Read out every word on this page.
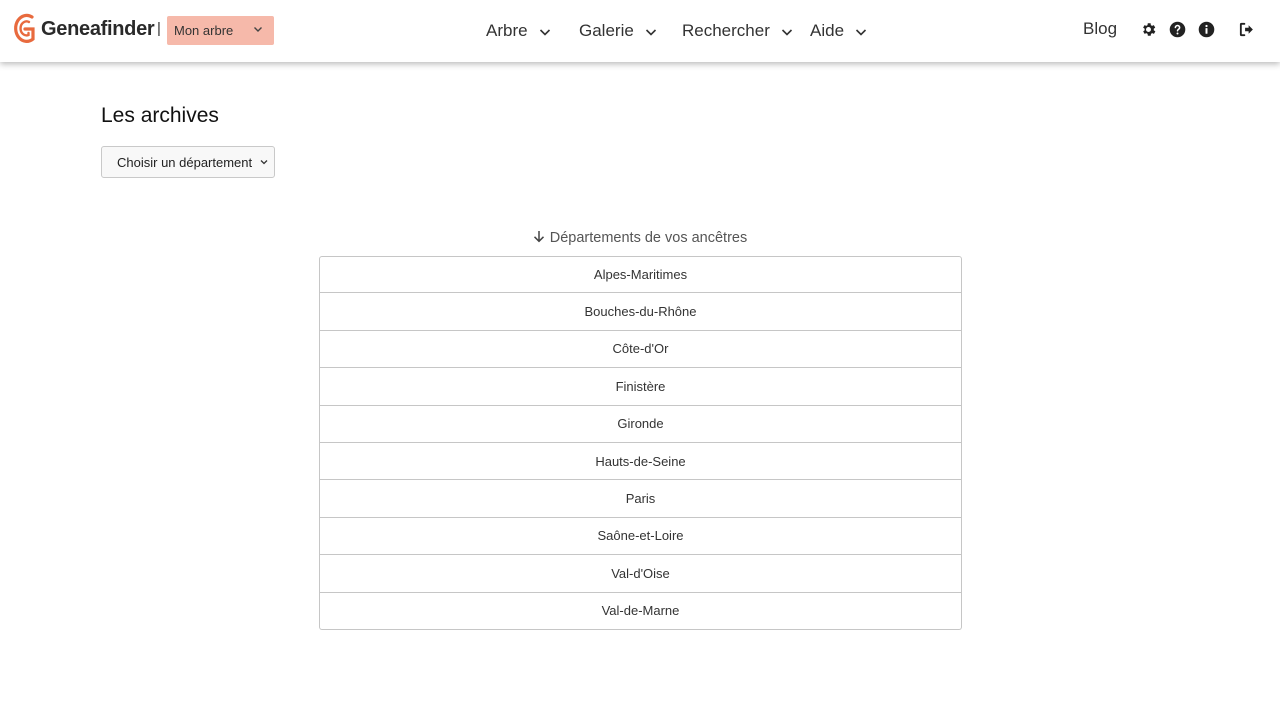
Geneafinder | Mon arbre	Arbre	Galerie	Rechercher Aide	Blog
Les archives
Choisir un département
Départements de vos ancêtres
Alpes-Maritimes
Bouches-du-Rhône
Côte-d'Or
Finistère
Gironde
Hauts-de-Seine
Paris
Saône-et-Loire
Val-d'Oise
Val-de-Marne
